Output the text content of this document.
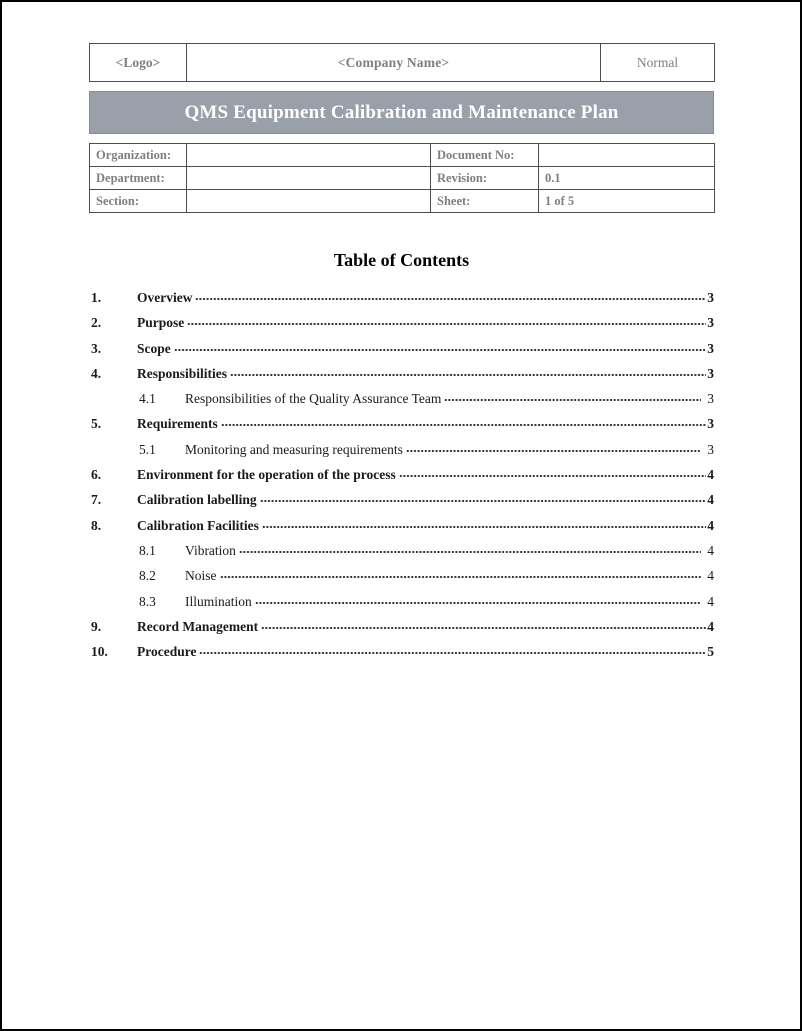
<Logo>	<Company Name>	Normal
QMS Equipment Calibration and Maintenance Plan
Organization:		Document No:	
Department:		Revision:	0.1
Section:		Sheet:	1 of 5
Table of Contents
1.	Overview	3
2.	Purpose	3
3.	Scope	3
4.	Responsibilities	3
4.1	Responsibilities of the Quality Assurance Team	3
5.	Requirements	3
5.1	Monitoring and measuring requirements	3
6.	Environment for the operation of the process	4
7.	Calibration labelling	4
8.	Calibration Facilities	4
8.1	Vibration	4
8.2	Noise	4
8.3	Illumination	4
9.	Record Management	4
10.	Procedure	5
